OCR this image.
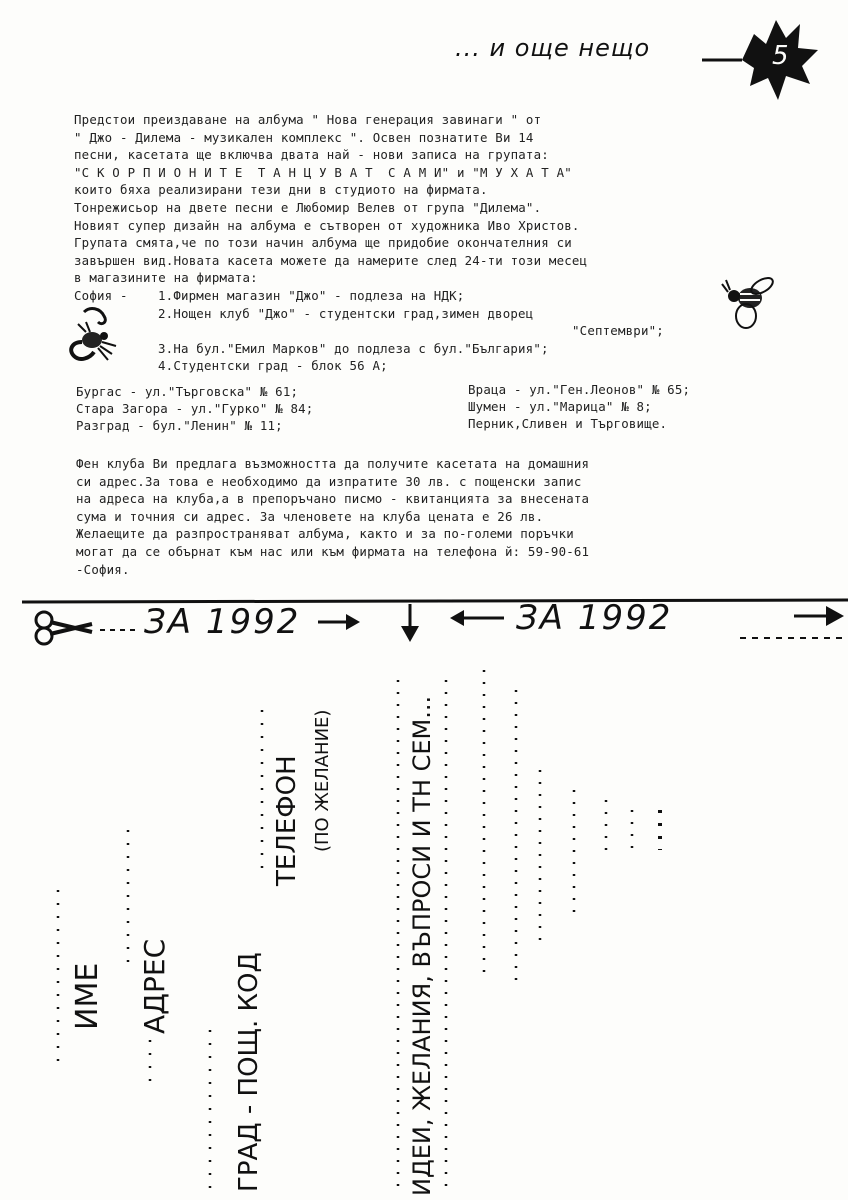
... и още нещо	5
Предстои преиздаване на албума " Нова генерация завинаги " от
" Джо - Дилема - музикален комплекс ". Освен познатите Ви 14
песни, касетата ще включва двата най - нови записа на групата:
"С К О Р П И О Н И Т Е  Т А Н Ц У В А Т  С А М И" и "М У Х А Т А"
които бяха реализирани тези дни в студиото на фирмата.
Тонрежисьор на двете песни е Любомир Велев от група "Дилема".
Новият супер дизайн на албума е сътворен от художника Иво Христов.
Групата смята,че по този начин албума ще придобие окончателния си
завършен вид.Новата касета можете да намерите след 24-ти този месец
в магазините на фирмата:
София - 1.Фирмен магазин "Джо" - подлеза на НДК;
2.Нощен клуб "Джо" - студентски град,зимен дворец
"Септември";
3.На бул."Емил Марков" до подлеза с бул."България";
4.Студентски град - блок 56 А;
Бургас - ул."Търговска" № 61;
Стара Загора - ул."Гурко" № 84;
Разград - бул."Ленин" № 11;
Враца - ул."Ген.Леонов" № 65;
Шумен - ул."Марица" № 8;
Перник,Сливен и Търговище.
Фен клуба Ви предлага възможността да получите касетата на домашния
си адрес.За това е необходимо да изпратите 30 лв. с пощенски запис
на адреса на клуба,а в препоръчано писмо - квитанцията за внесената
сума и точния си адрес. За членовете на клуба цената е 26 лв.
Желаещите да разпространяват албума, както и за по-големи поръчки
могат да се обърнат към нас или към фирмата на телефона й: 59-90-61
-София.
ЗА 1992	ЗА 1992
ИМЕ АДРЕС ГРАД - ПОЩ. КОД
ТЕЛЕФОН (ПО ЖЕЛАНИЕ)	ИДЕИ, ЖЕЛАНИЯ, ВЪПРОСИ И ТН СЕМ...
